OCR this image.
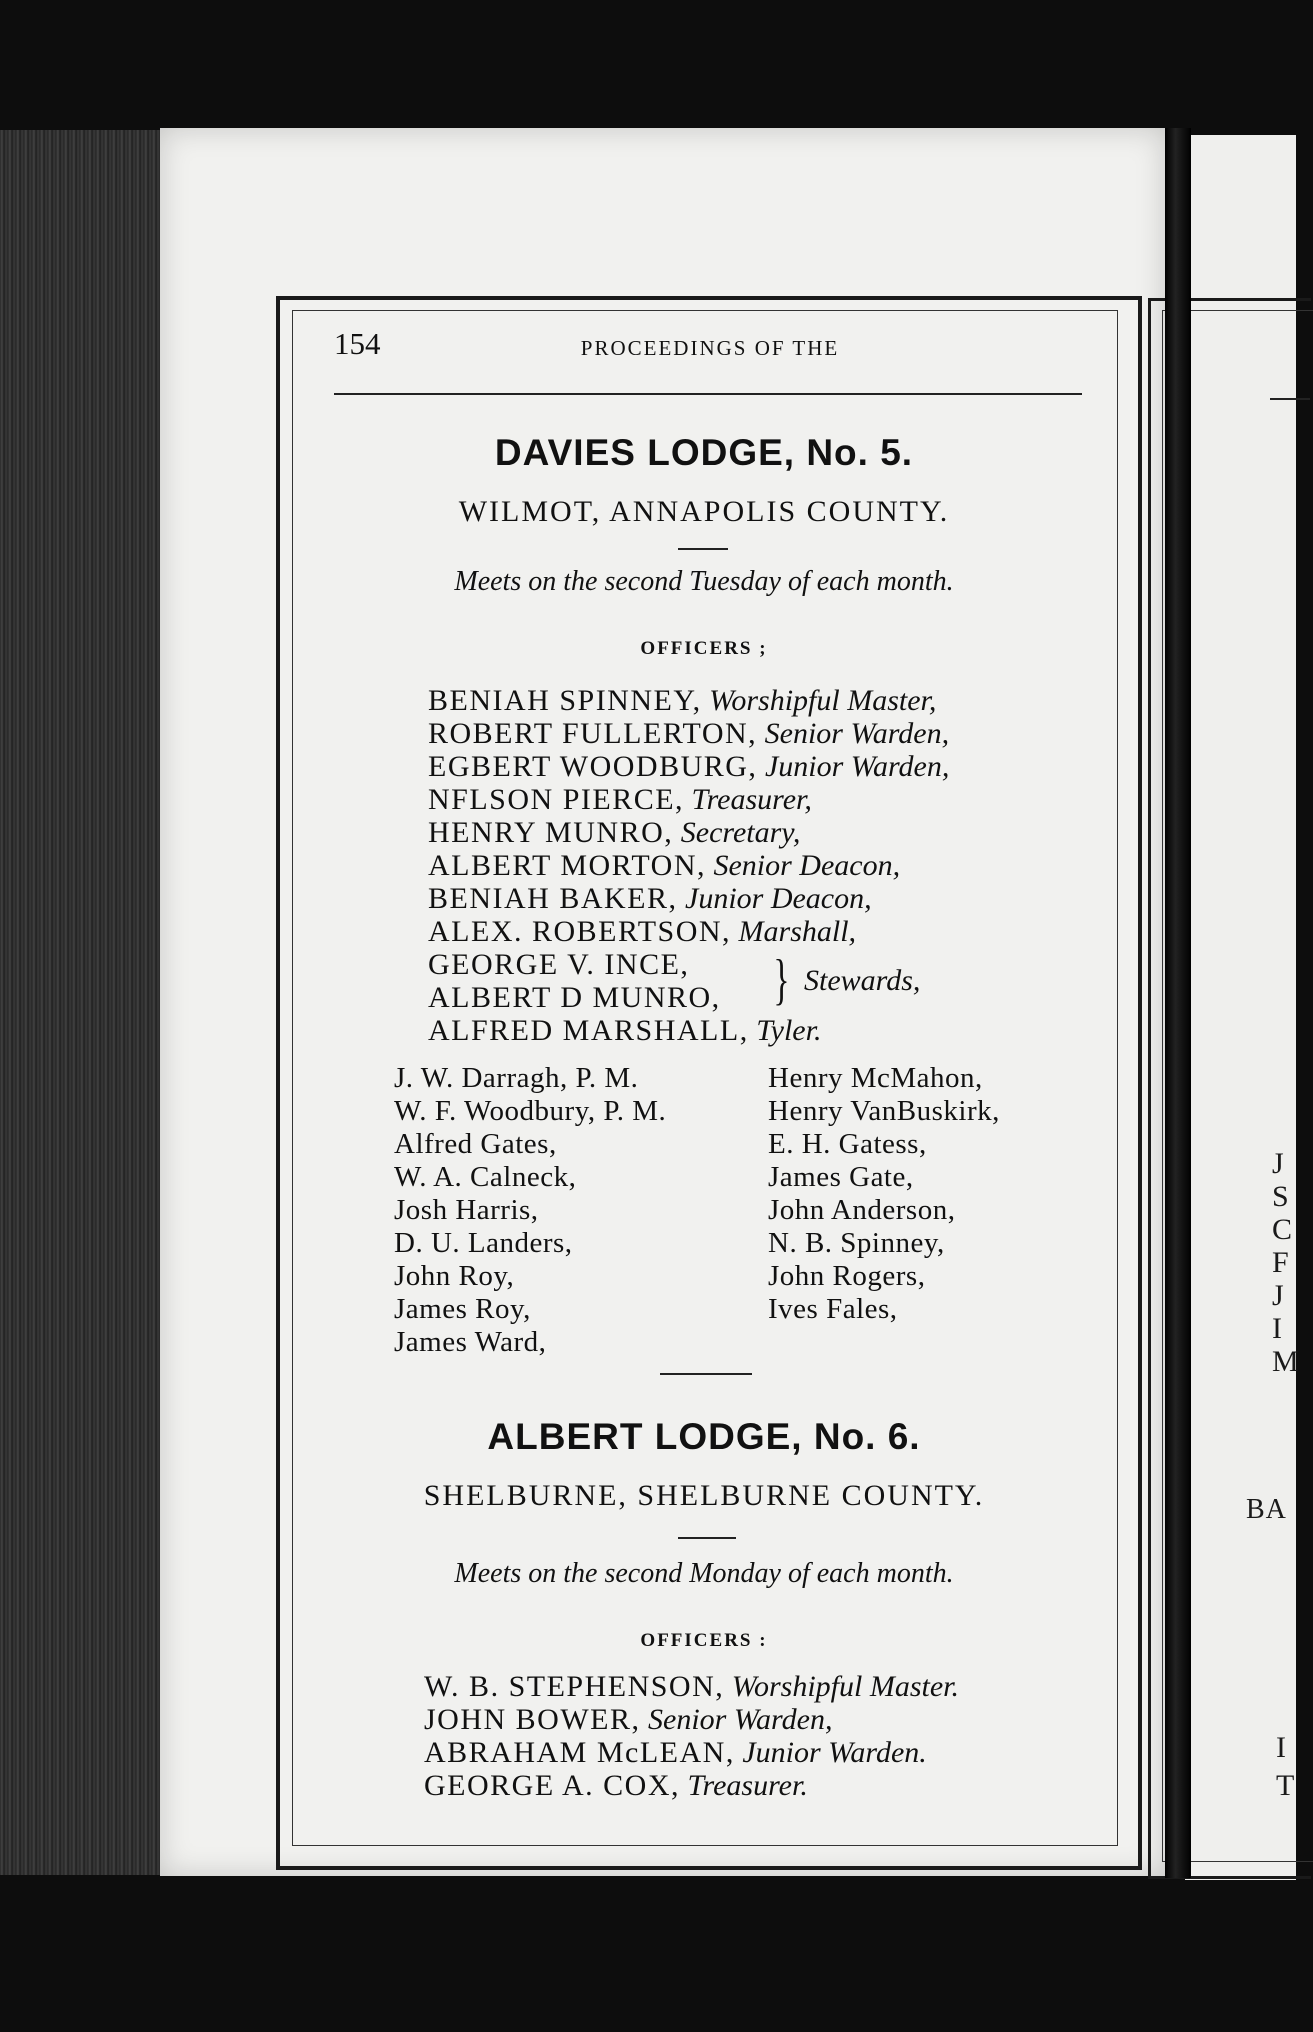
J
S
C
F
J
I
M
BA
I
T
154	PROCEEDINGS OF THE
DAVIES LODGE, No. 5.
WILMOT, ANNAPOLIS COUNTY.
Meets on the second Tuesday of each month.
OFFICERS ;
BENIAH SPINNEY, Worshipful Master,
ROBERT FULLERTON, Senior Warden,
EGBERT WOODBURG, Junior Warden,
NFLSON PIERCE, Treasurer,
HENRY MUNRO, Secretary,
ALBERT MORTON, Senior Deacon,
BENIAH BAKER, Junior Deacon,
ALEX. ROBERTSON, Marshall,
GEORGE V. INCE,
ALBERT D MUNRO,
ALFRED MARSHALL, Tyler.
} Stewards,
J. W. Darragh, P. M.
W. F. Woodbury, P. M.
Alfred Gates,
W. A. Calneck,
Josh Harris,
D. U. Landers,
John Roy,
James Roy,
James Ward,
Henry McMahon,
Henry VanBuskirk,
E. H. Gatess,
James Gate,
John Anderson,
N. B. Spinney,
John Rogers,
Ives Fales,
ALBERT LODGE, No. 6.
SHELBURNE, SHELBURNE COUNTY.
Meets on the second Monday of each month.
OFFICERS :
W. B. STEPHENSON, Worshipful Master.
JOHN BOWER, Senior Warden,
ABRAHAM McLEAN, Junior Warden.
GEORGE A. COX, Treasurer.
